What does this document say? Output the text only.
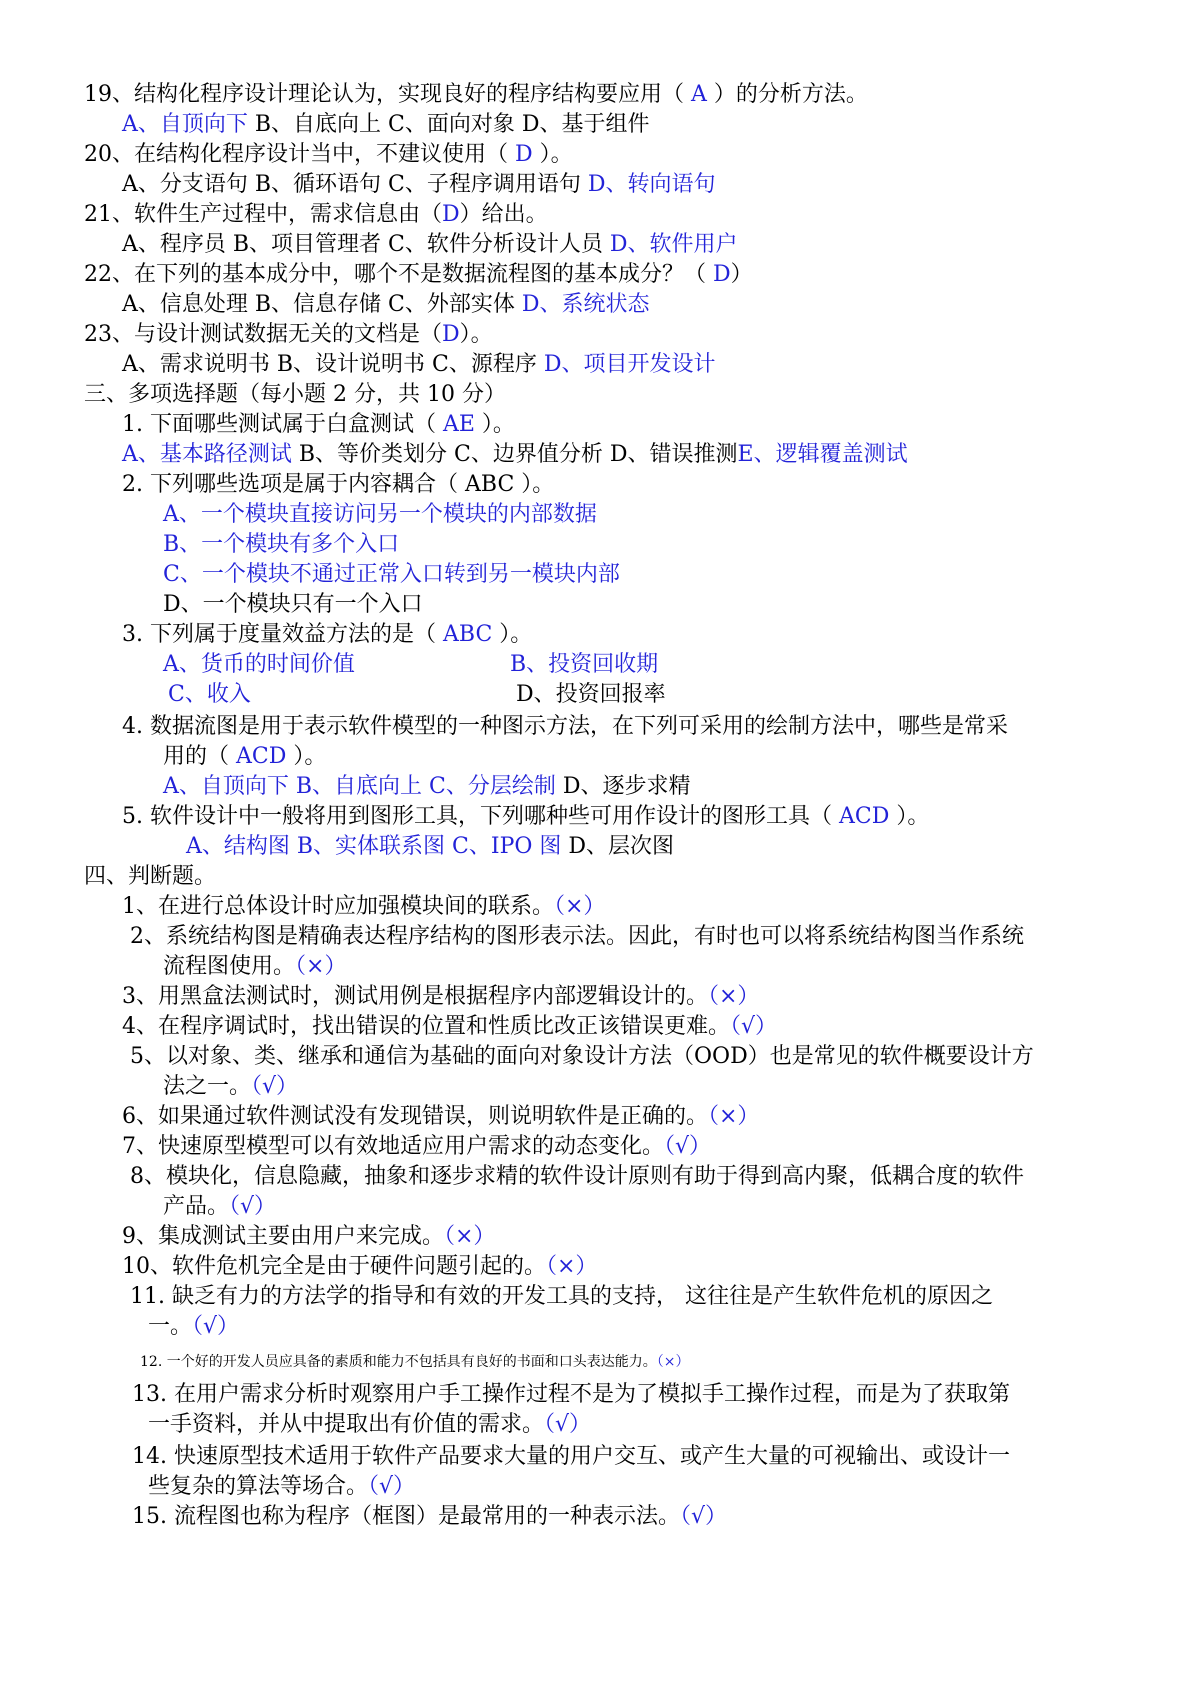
19、结构化程序设计理论认为，实现良好的程序结构要应用（ A ）的分析方法。
A、自顶向下 B、自底向上 C、面向对象 D、基于组件
20、在结构化程序设计当中，不建议使用（ D ）。
A、分支语句 B、循环语句 C、子程序调用语句 D、转向语句
21、软件生产过程中，需求信息由（D）给出。
A、程序员 B、项目管理者 C、软件分析设计人员 D、软件用户
22、在下列的基本成分中，哪个不是数据流程图的基本成分？（ D）
A、信息处理 B、信息存储 C、外部实体 D、系统状态
23、与设计测试数据无关的文档是（D）。
A、需求说明书 B、设计说明书 C、源程序 D、项目开发设计
三、多项选择题（每小题 2 分，共 10 分）
1. 下面哪些测试属于白盒测试（ AE ）。
A、基本路径测试 B、等价类划分 C、边界值分析 D、错误推测E、逻辑覆盖测试
2. 下列哪些选项是属于内容耦合（ ABC ）。
A、一个模块直接访问另一个模块的内部数据
B、一个模块有多个入口
C、一个模块不通过正常入口转到另一模块内部
D、一个模块只有一个入口
3. 下列属于度量效益方法的是（ ABC ）。
A、货币的时间价值	B、投资回收期
C、收入	D、投资回报率
4. 数据流图是用于表示软件模型的一种图示方法，在下列可采用的绘制方法中，哪些是常采
用的（ ACD ）。
A、自顶向下 B、自底向上 C、分层绘制 D、逐步求精
5. 软件设计中一般将用到图形工具，下列哪种些可用作设计的图形工具（ ACD ）。
A、结构图 B、实体联系图 C、IPO 图 D、层次图
四、判断题。
1、在进行总体设计时应加强模块间的联系。（×）
2、系统结构图是精确表达程序结构的图形表示法。因此，有时也可以将系统结构图当作系统
流程图使用。（×）
3、用黑盒法测试时，测试用例是根据程序内部逻辑设计的。（×）
4、在程序调试时，找出错误的位置和性质比改正该错误更难。（√）
5、以对象、类、继承和通信为基础的面向对象设计方法（OOD）也是常见的软件概要设计方
法之一。（√）
6、如果通过软件测试没有发现错误，则说明软件是正确的。（×）
7、快速原型模型可以有效地适应用户需求的动态变化。（√）
8、模块化，信息隐藏，抽象和逐步求精的软件设计原则有助于得到高内聚，低耦合度的软件
产品。（√）
9、集成测试主要由用户来完成。（×）
10、软件危机完全是由于硬件问题引起的。（×）
11. 缺乏有力的方法学的指导和有效的开发工具的支持， 这往往是产生软件危机的原因之
一。（√）
12. 一个好的开发人员应具备的素质和能力不包括具有良好的书面和口头表达能力。（×）
13. 在用户需求分析时观察用户手工操作过程不是为了模拟手工操作过程，而是为了获取第
一手资料，并从中提取出有价值的需求。（√）
14. 快速原型技术适用于软件产品要求大量的用户交互、或产生大量的可视输出、或设计一
些复杂的算法等场合。（√）
15. 流程图也称为程序（框图）是最常用的一种表示法。（√）
